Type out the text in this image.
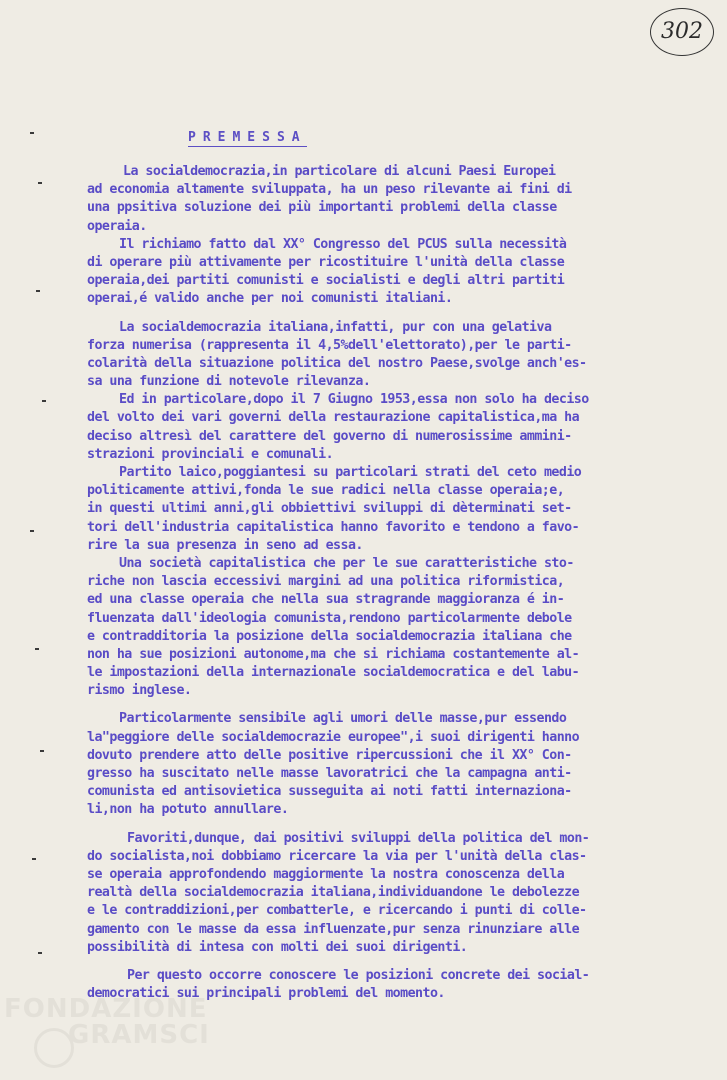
302
PREMESSA
La socialdemocrazia,in particolare di alcuni Paesi Europei
ad economia altamente sviluppata, ha un peso rilevante ai fini di
una ppsitiva soluzione dei più importanti problemi della classe
operaia.
Il richiamo fatto dal XX° Congresso del PCUS sulla necessità
di operare più attivamente per ricostituire l'unità della classe
operaia,dei partiti comunisti e socialisti e degli altri partiti
operai,é valido anche per noi comunisti italiani.
La socialdemocrazia italiana,infatti, pur con una gelativa
forza numerisa (rappresenta il 4,5%dell'elettorato),per le parti-
colarità della situazione politica del nostro Paese,svolge anch'es-
sa una funzione di notevole rilevanza.
Ed in particolare,dopo il 7 Giugno 1953,essa non solo ha deciso
del volto dei vari governi della restaurazione capitalistica,ma ha
deciso altresì del carattere del governo di numerosissime ammini-
strazioni provinciali e comunali.
Partito laico,poggiantesi su particolari strati del ceto medio
politicamente attivi,fonda le sue radici nella classe operaia;e,
in questi ultimi anni,gli obbiettivi sviluppi di dèterminati set-
tori dell'industria capitalistica hanno favorito e tendono a favo-
rire la sua presenza in seno ad essa.
Una società capitalistica che per le sue caratteristiche sto-
riche non lascia eccessivi margini ad una politica riformistica,
ed una classe operaia che nella sua stragrande maggioranza é in-
fluenzata dall'ideologia comunista,rendono particolarmente debole
e contradditoria la posizione della socialdemocrazia italiana che
non ha sue posizioni autonome,ma che si richiama costantemente al-
le impostazioni della internazionale socialdemocratica e del labu-
rismo inglese.
Particolarmente sensibile agli umori delle masse,pur essendo
la"peggiore delle socialdemocrazie europee",i suoi dirigenti hanno
dovuto prendere atto delle positive ripercussioni che il XX° Con-
gresso ha suscitato nelle masse lavoratrici che la campagna anti-
comunista ed antisovietica susseguita ai noti fatti internaziona-
li,non ha potuto annullare.
Favoriti,dunque, dai positivi sviluppi della politica del mon-
do socialista,noi dobbiamo ricercare la via per l'unità della clas-
se operaia approfondendo maggiormente la nostra conoscenza della
realtà della socialdemocrazia italiana,individuandone le debolezze
e le contraddizioni,per combatterle, e ricercando i punti di colle-
gamento con le masse da essa influenzate,pur senza rinunziare alle
possibilità di intesa con molti dei suoi dirigenti.
Per questo occorre conoscere le posizioni concrete dei social-
democratici sui principali problemi del momento.
FONDAZIONE
GRAMSCI
